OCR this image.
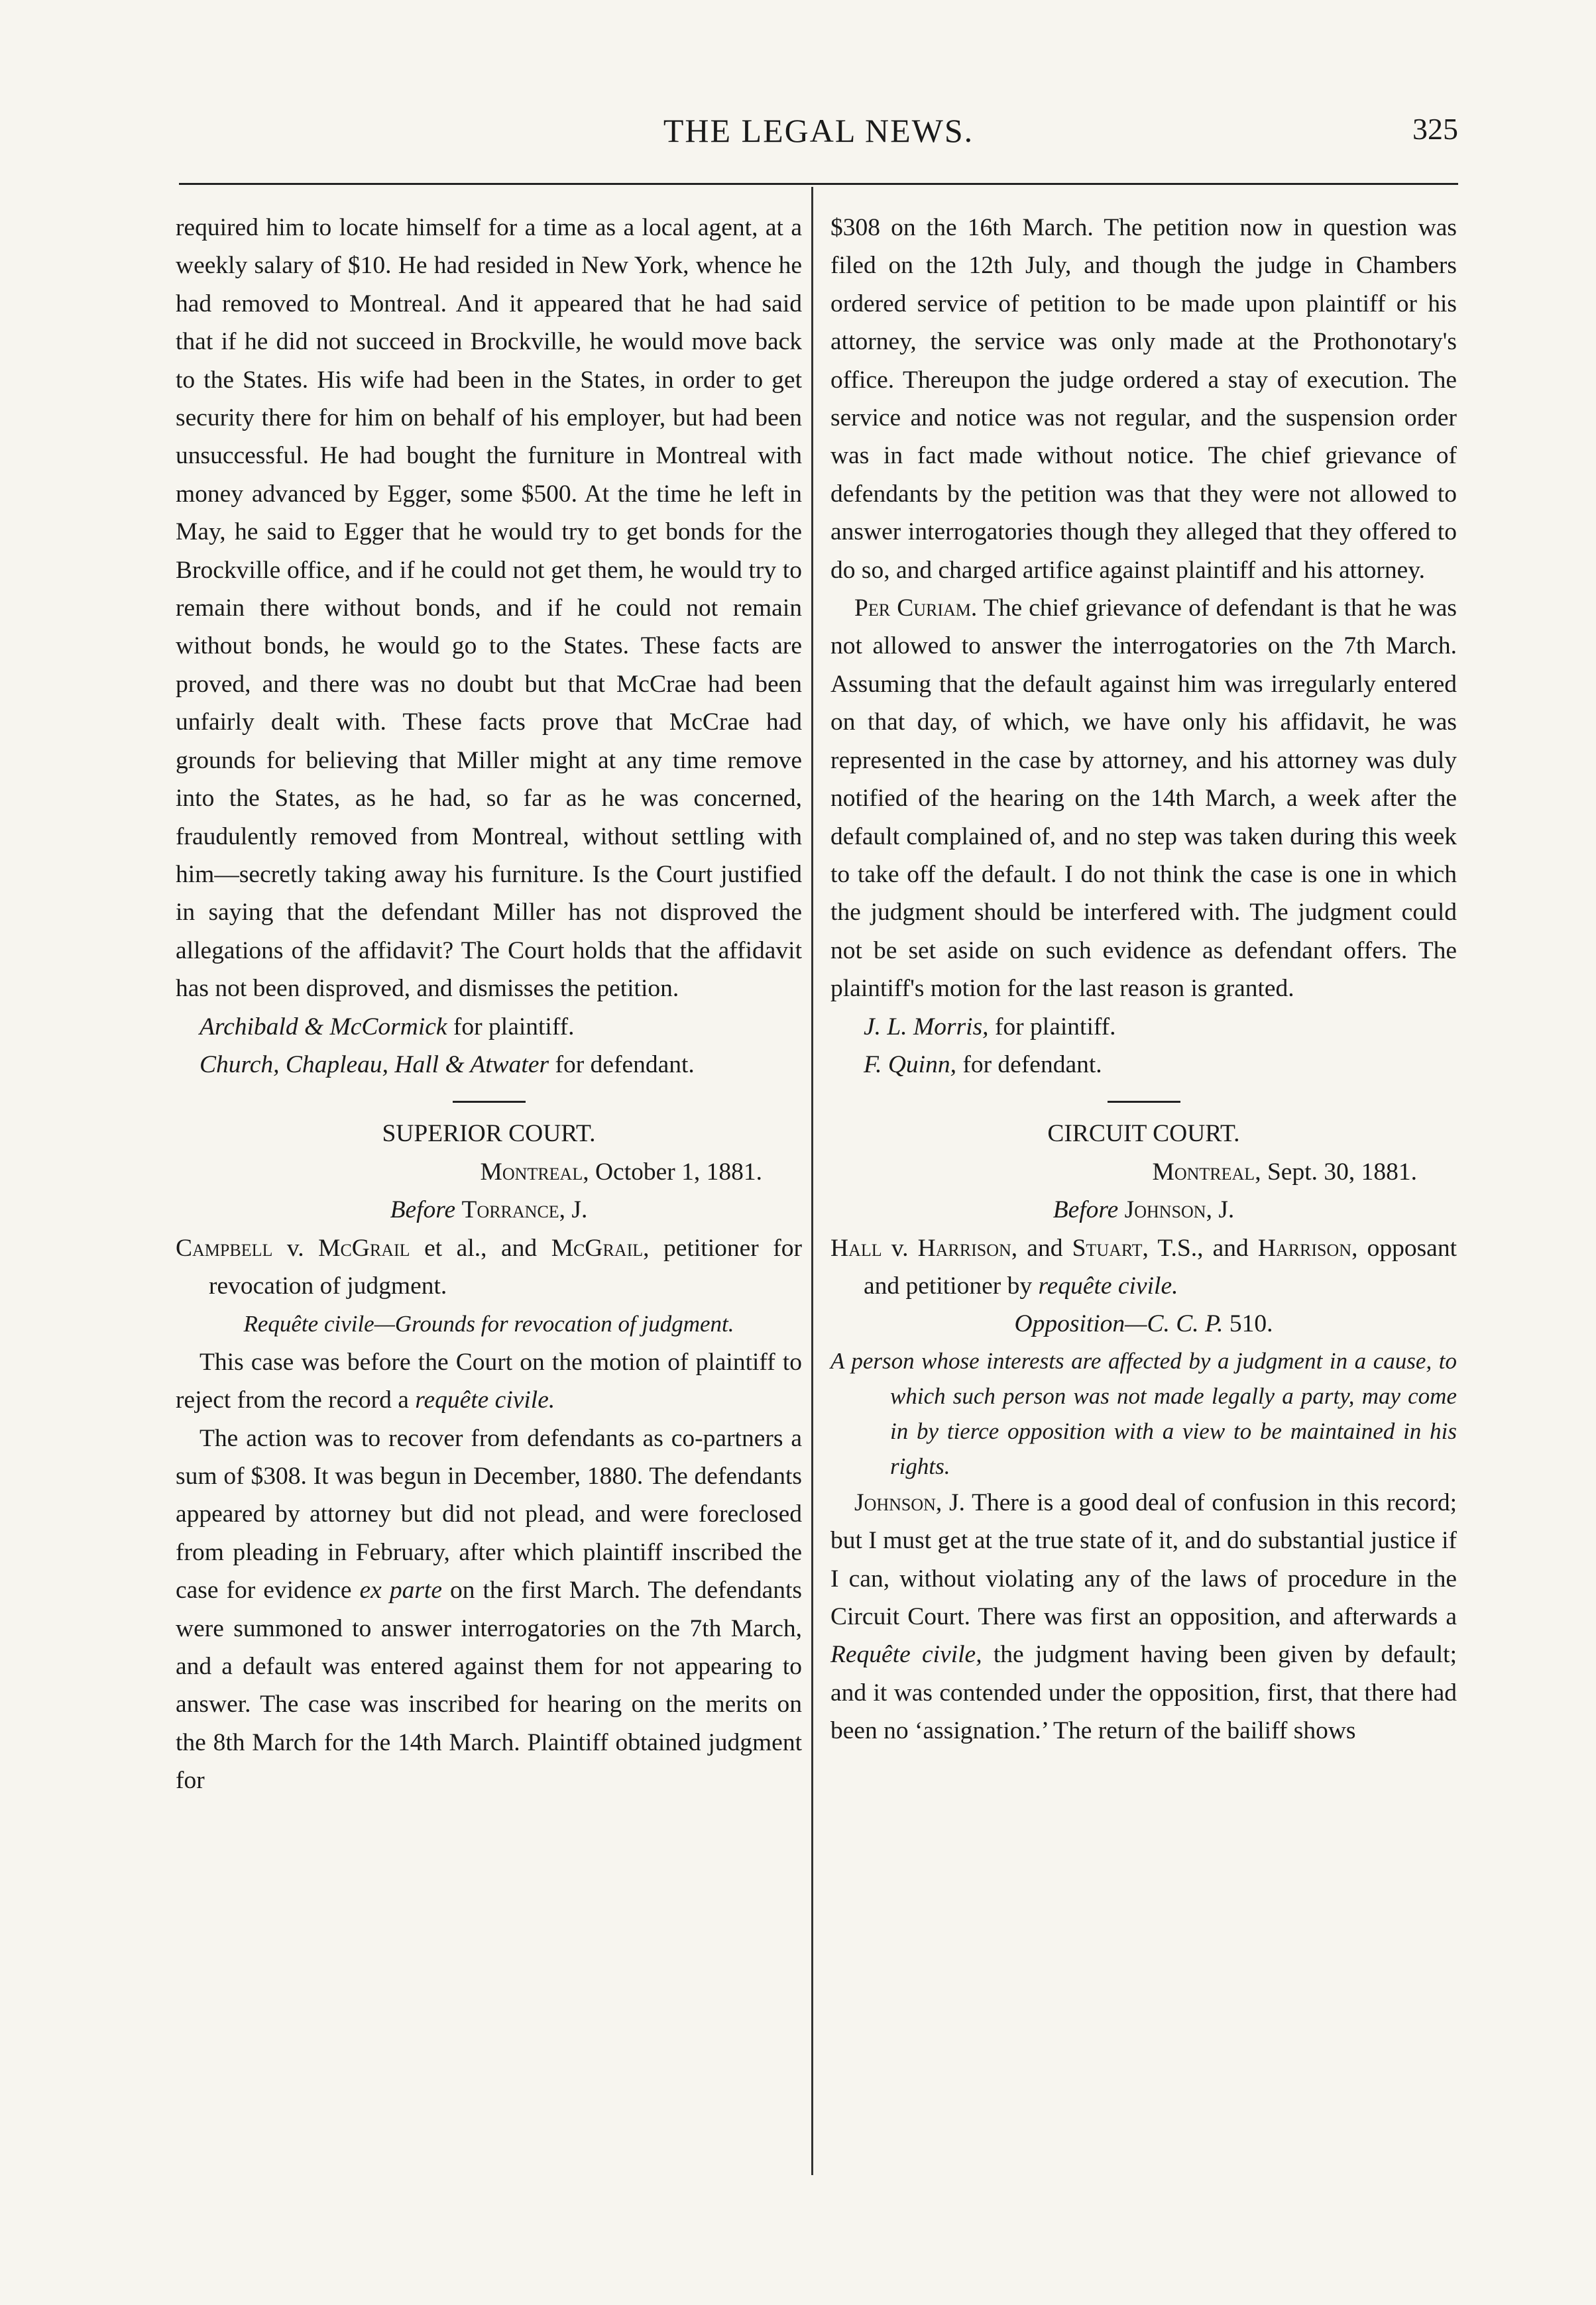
THE LEGAL NEWS.	325

required him to locate himself for a time as a local agent, at a weekly salary of $10. He had resided in New York, whence he had removed to Montreal. And it appeared that he had said that if he did not succeed in Brockville, he would move back to the States. His wife had been in the States, in order to get security there for him on behalf of his employer, but had been unsuccessful. He had bought the furniture in Montreal with money advanced by Egger, some $500. At the time he left in May, he said to Egger that he would try to get bonds for the Brockville office, and if he could not get them, he would try to remain there without bonds, and if he could not remain without bonds, he would go to the States. These facts are proved, and there was no doubt but that McCrae had been unfairly dealt with. These facts prove that McCrae had grounds for believing that Miller might at any time remove into the States, as he had, so far as he was concerned, fraudulently removed from Montreal, without settling with him—secretly taking away his furniture. Is the Court justified in saying that the defendant Miller has not disproved the allegations of the affidavit? The Court holds that the affidavit has not been disproved, and dismisses the petition.

Archibald & McCormick for plaintiff.

Church, Chapleau, Hall & Atwater for defendant.

SUPERIOR COURT.

Montreal, October 1, 1881.

Before Torrance, J.

Campbell v. McGrail et al., and McGrail, petitioner for revocation of judgment.

Requête civile—Grounds for revocation of judgment.

This case was before the Court on the motion of plaintiff to reject from the record a requête civile.

The action was to recover from defendants as co-partners a sum of $308. It was begun in December, 1880. The defendants appeared by attorney but did not plead, and were foreclosed from pleading in February, after which plaintiff inscribed the case for evidence ex parte on the first March. The defendants were summoned to answer interrogatories on the 7th March, and a default was entered against them for not appearing to answer. The case was inscribed for hearing on the merits on the 8th March for the 14th March. Plaintiff obtained judgment for

$308 on the 16th March. The petition now in question was filed on the 12th July, and though the judge in Chambers ordered service of petition to be made upon plaintiff or his attorney, the service was only made at the Prothonotary's office. Thereupon the judge ordered a stay of execution. The service and notice was not regular, and the suspension order was in fact made without notice. The chief grievance of defendants by the petition was that they were not allowed to answer interrogatories though they alleged that they offered to do so, and charged artifice against plaintiff and his attorney.

Per Curiam. The chief grievance of defendant is that he was not allowed to answer the interrogatories on the 7th March. Assuming that the default against him was irregularly entered on that day, of which, we have only his affidavit, he was represented in the case by attorney, and his attorney was duly notified of the hearing on the 14th March, a week after the default complained of, and no step was taken during this week to take off the default. I do not think the case is one in which the judgment should be interfered with. The judgment could not be set aside on such evidence as defendant offers. The plaintiff's motion for the last reason is granted.

J. L. Morris, for plaintiff.

F. Quinn, for defendant.

CIRCUIT COURT.

Montreal, Sept. 30, 1881.

Before Johnson, J.

Hall v. Harrison, and Stuart, T.S., and Harrison, opposant and petitioner by requête civile.

Opposition—C. C. P. 510.

A person whose interests are affected by a judgment in a cause, to which such person was not made legally a party, may come in by tierce opposition with a view to be maintained in his rights.

Johnson, J. There is a good deal of confusion in this record; but I must get at the true state of it, and do substantial justice if I can, without violating any of the laws of procedure in the Circuit Court. There was first an opposition, and afterwards a Requête civile, the judgment having been given by default; and it was contended under the opposition, first, that there had been no ‘assignation.’ The return of the bailiff shows
